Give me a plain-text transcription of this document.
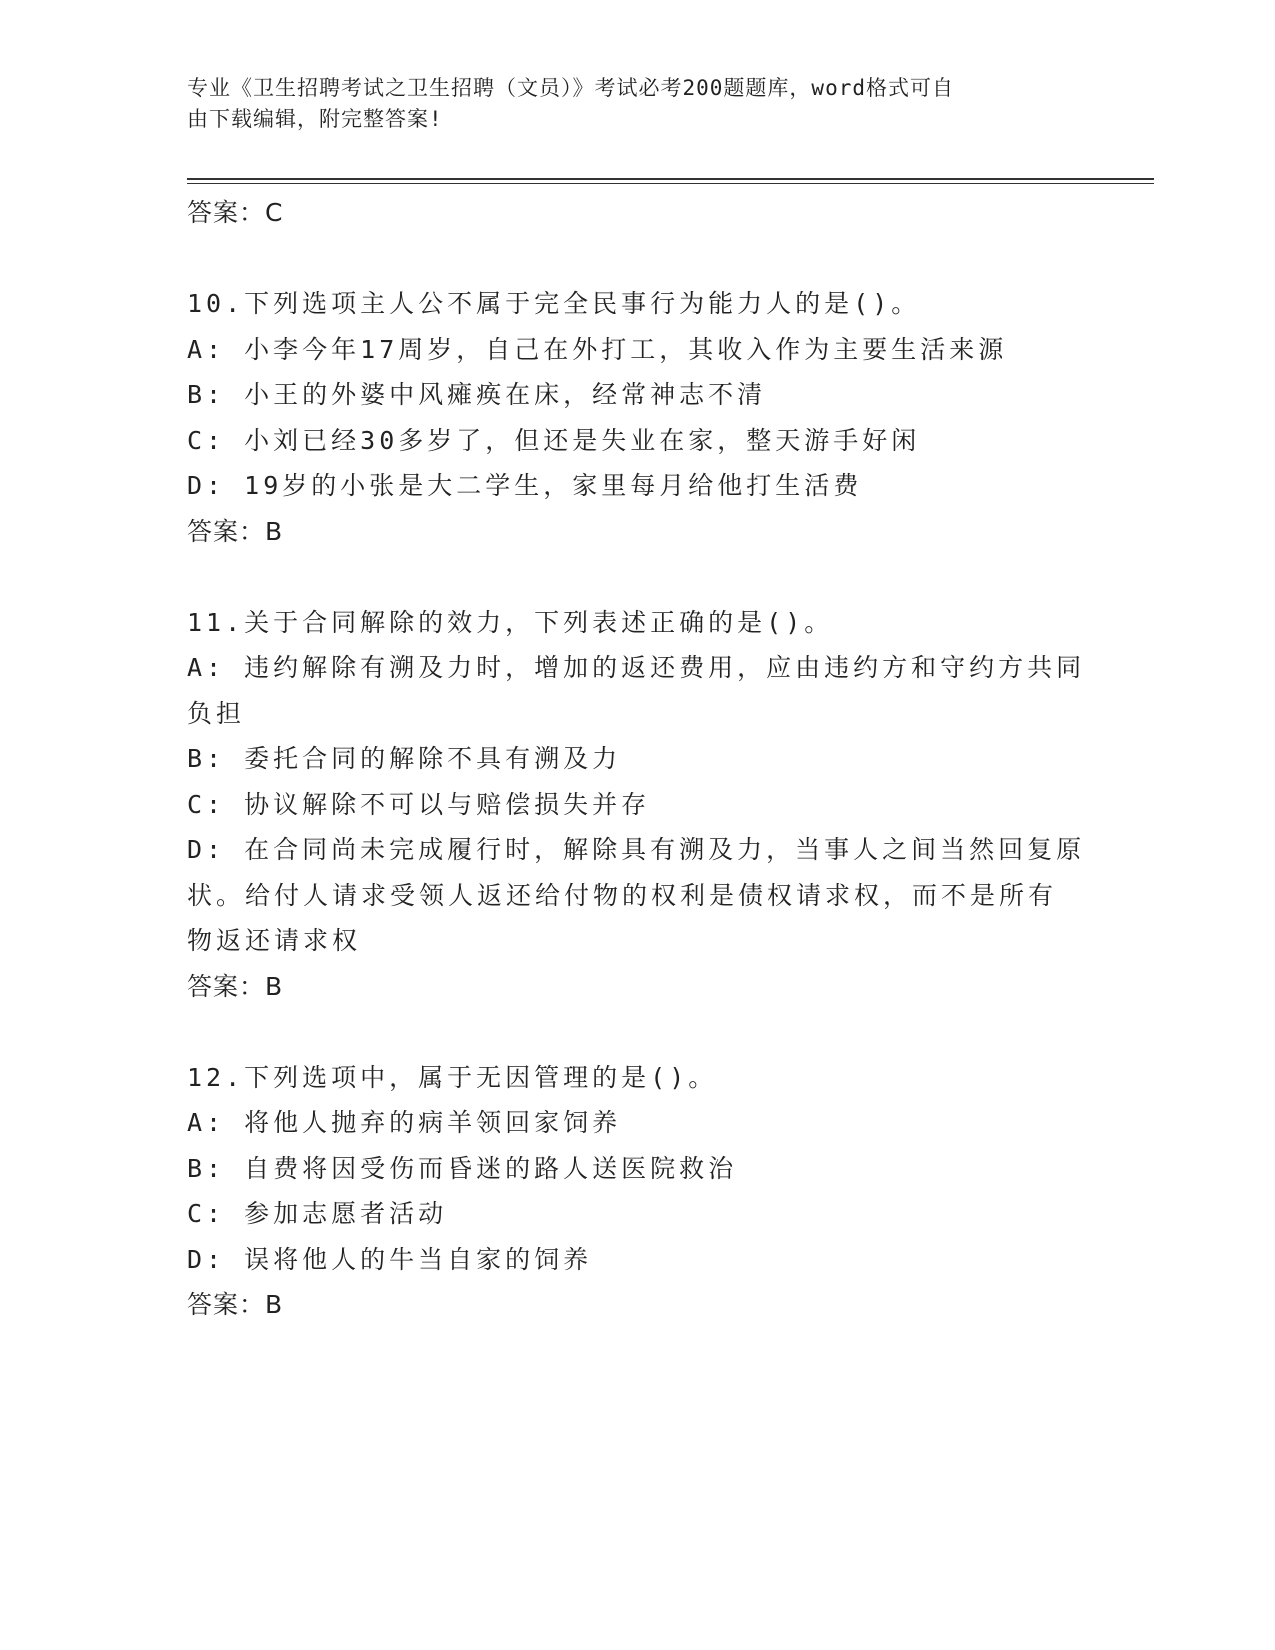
专业《卫生招聘考试之卫生招聘（文员）》考试必考200题题库，word格式可自
由下载编辑，附完整答案!
答案：C
10.下列选项主人公不属于完全民事行为能力人的是()。
A: 小李今年17周岁，自己在外打工，其收入作为主要生活来源
B: 小王的外婆中风瘫痪在床，经常神志不清
C: 小刘已经30多岁了，但还是失业在家，整天游手好闲
D: 19岁的小张是大二学生，家里每月给他打生活费
答案：B
11.关于合同解除的效力，下列表述正确的是()。
A: 违约解除有溯及力时，增加的返还费用，应由违约方和守约方共同
负担
B: 委托合同的解除不具有溯及力
C: 协议解除不可以与赔偿损失并存
D: 在合同尚未完成履行时，解除具有溯及力，当事人之间当然回复原
状。给付人请求受领人返还给付物的权利是债权请求权，而不是所有
物返还请求权
答案：B
12.下列选项中，属于无因管理的是()。
A: 将他人抛弃的病羊领回家饲养
B: 自费将因受伤而昏迷的路人送医院救治
C: 参加志愿者活动
D: 误将他人的牛当自家的饲养
答案：B
